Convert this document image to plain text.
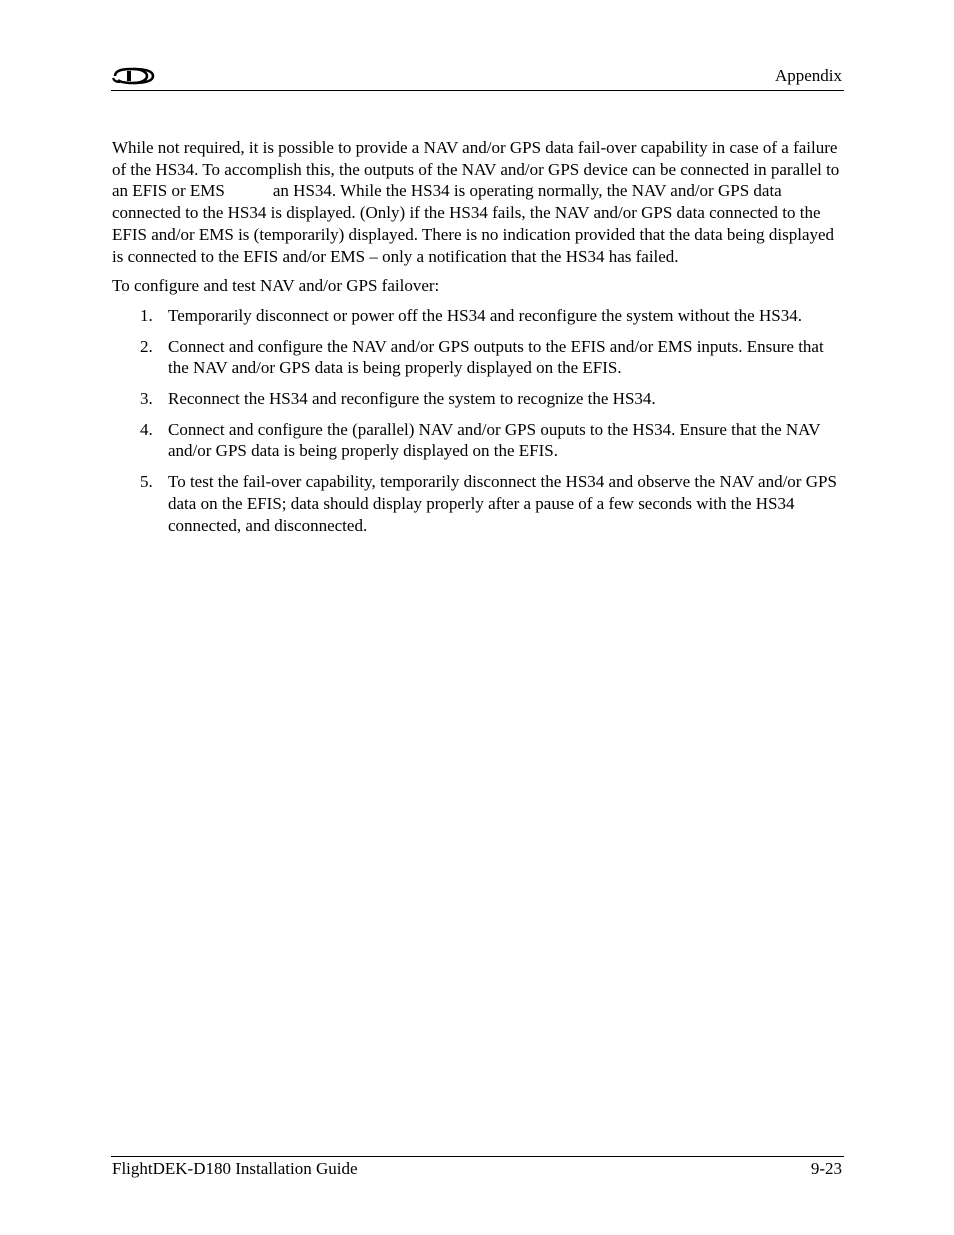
Appendix

While not required, it is possible to provide a NAV and/or GPS data fail-over capability in case of a failure of the HS34. To accomplish this, the outputs of the NAV and/or GPS device can be connected in parallel to an EFIS or EMS	an HS34. While the HS34 is operating normally, the NAV and/or GPS data connected to the HS34 is displayed. (Only) if the HS34 fails, the NAV and/or GPS data connected to the EFIS and/or EMS is (temporarily) displayed. There is no indication provided that the data being displayed is connected to the EFIS and/or EMS – only a notification that the HS34 has failed.

To configure and test NAV and/or GPS failover:

1. Temporarily disconnect or power off the HS34 and reconfigure the system without the HS34.
2. Connect and configure the NAV and/or GPS outputs to the EFIS and/or EMS inputs. Ensure that the NAV and/or GPS data is being properly displayed on the EFIS.
3. Reconnect the HS34 and reconfigure the system to recognize the HS34.
4. Connect and configure the (parallel) NAV and/or GPS ouputs to the HS34. Ensure that the NAV and/or GPS data is being properly displayed on the EFIS.
5. To test the fail-over capability, temporarily disconnect the HS34 and observe the NAV and/or GPS data on the EFIS; data should display properly after a pause of a few seconds with the HS34 connected, and disconnected.
FlightDEK-D180 Installation Guide	9-23
